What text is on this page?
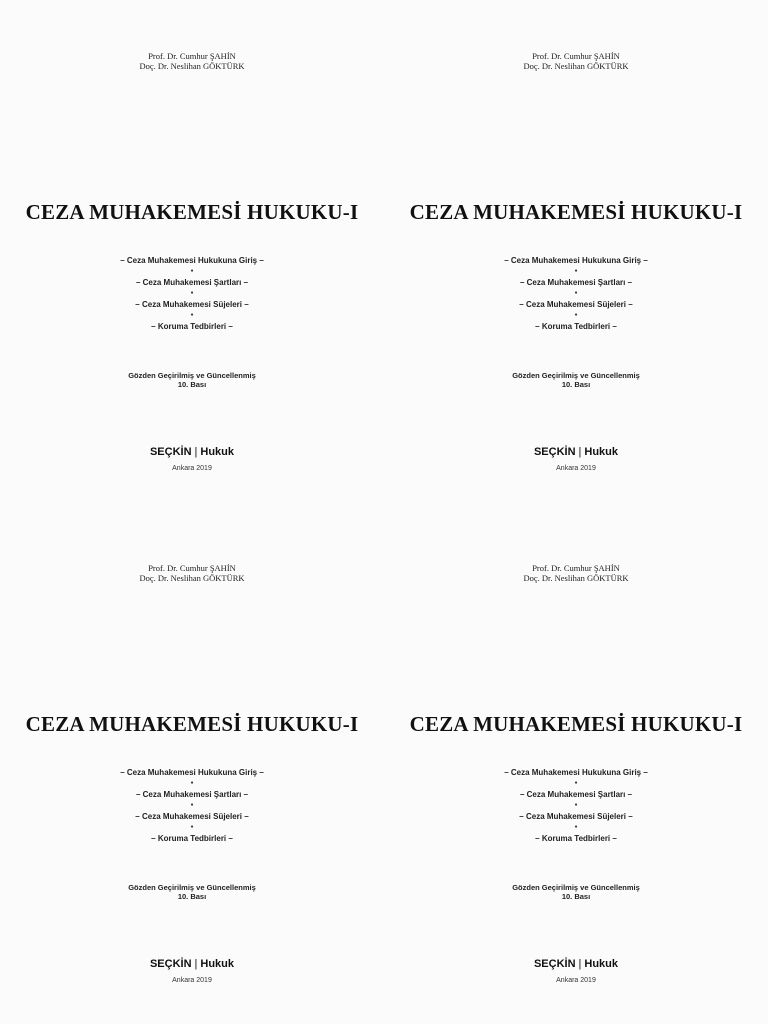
Prof. Dr. Cumhur ŞAHİN
Doç. Dr. Neslihan GÖKTÜRK
CEZA MUHAKEMESİ HUKUKU-I
– Ceza Muhakemesi Hukukuna Giriş –
♦
– Ceza Muhakemesi Şartları –
♦
– Ceza Muhakemesi Süjeleri –
♦
– Koruma Tedbirleri –
Gözden Geçirilmiş ve Güncellenmiş
10. Bası
SEÇKİN | Hukuk
Ankara 2019
Prof. Dr. Cumhur ŞAHİN
Doç. Dr. Neslihan GÖKTÜRK
CEZA MUHAKEMESİ HUKUKU-I
– Ceza Muhakemesi Hukukuna Giriş –
♦
– Ceza Muhakemesi Şartları –
♦
– Ceza Muhakemesi Süjeleri –
♦
– Koruma Tedbirleri –
Gözden Geçirilmiş ve Güncellenmiş
10. Bası
SEÇKİN | Hukuk
Ankara 2019
Prof. Dr. Cumhur ŞAHİN
Doç. Dr. Neslihan GÖKTÜRK
CEZA MUHAKEMESİ HUKUKU-I
– Ceza Muhakemesi Hukukuna Giriş –
♦
– Ceza Muhakemesi Şartları –
♦
– Ceza Muhakemesi Süjeleri –
♦
– Koruma Tedbirleri –
Gözden Geçirilmiş ve Güncellenmiş
10. Bası
SEÇKİN | Hukuk
Ankara 2019
Prof. Dr. Cumhur ŞAHİN
Doç. Dr. Neslihan GÖKTÜRK
CEZA MUHAKEMESİ HUKUKU-I
– Ceza Muhakemesi Hukukuna Giriş –
♦
– Ceza Muhakemesi Şartları –
♦
– Ceza Muhakemesi Süjeleri –
♦
– Koruma Tedbirleri –
Gözden Geçirilmiş ve Güncellenmiş
10. Bası
SEÇKİN | Hukuk
Ankara 2019
